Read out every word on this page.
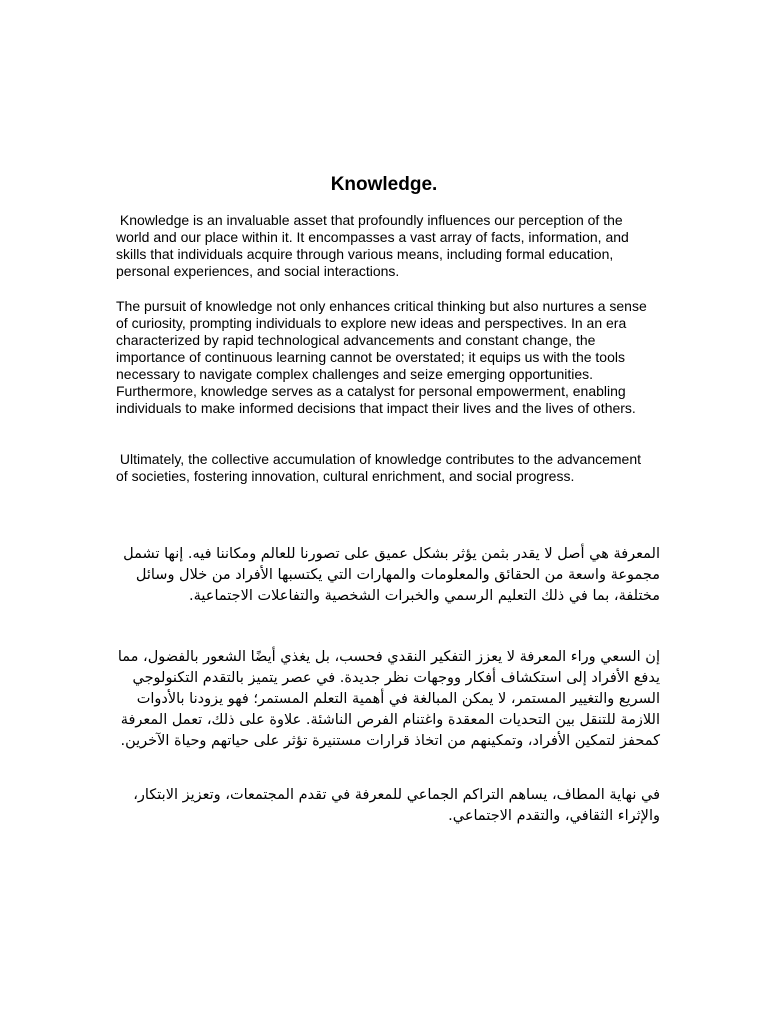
Knowledge.
Knowledge is an invaluable asset that profoundly influences our perception of the world and our place within it. It encompasses a vast array of facts, information, and skills that individuals acquire through various means, including formal education, personal experiences, and social interactions.
The pursuit of knowledge not only enhances critical thinking but also nurtures a sense of curiosity, prompting individuals to explore new ideas and perspectives. In an era characterized by rapid technological advancements and constant change, the importance of continuous learning cannot be overstated; it equips us with the tools necessary to navigate complex challenges and seize emerging opportunities. Furthermore, knowledge serves as a catalyst for personal empowerment, enabling individuals to make informed decisions that impact their lives and the lives of others.
Ultimately, the collective accumulation of knowledge contributes to the advancement of societies, fostering innovation, cultural enrichment, and social progress.
المعرفة هي أصل لا يقدر بثمن يؤثر بشكل عميق على تصورنا للعالم ومكاننا فيه. إنها تشمل مجموعة واسعة من الحقائق والمعلومات والمهارات التي يكتسبها الأفراد من خلال وسائل مختلفة، بما في ذلك التعليم الرسمي والخبرات الشخصية والتفاعلات الاجتماعية.
إن السعي وراء المعرفة لا يعزز التفكير النقدي فحسب، بل يغذي أيضًا الشعور بالفضول، مما يدفع الأفراد إلى استكشاف أفكار ووجهات نظر جديدة. في عصر يتميز بالتقدم التكنولوجي السريع والتغيير المستمر، لا يمكن المبالغة في أهمية التعلم المستمر؛ فهو يزودنا بالأدوات اللازمة للتنقل بين التحديات المعقدة واغتنام الفرص الناشئة. علاوة على ذلك، تعمل المعرفة كمحفز لتمكين الأفراد، وتمكينهم من اتخاذ قرارات مستنيرة تؤثر على حياتهم وحياة الآخرين.
في نهاية المطاف، يساهم التراكم الجماعي للمعرفة في تقدم المجتمعات، وتعزيز الابتكار، والإثراء الثقافي، والتقدم الاجتماعي.
